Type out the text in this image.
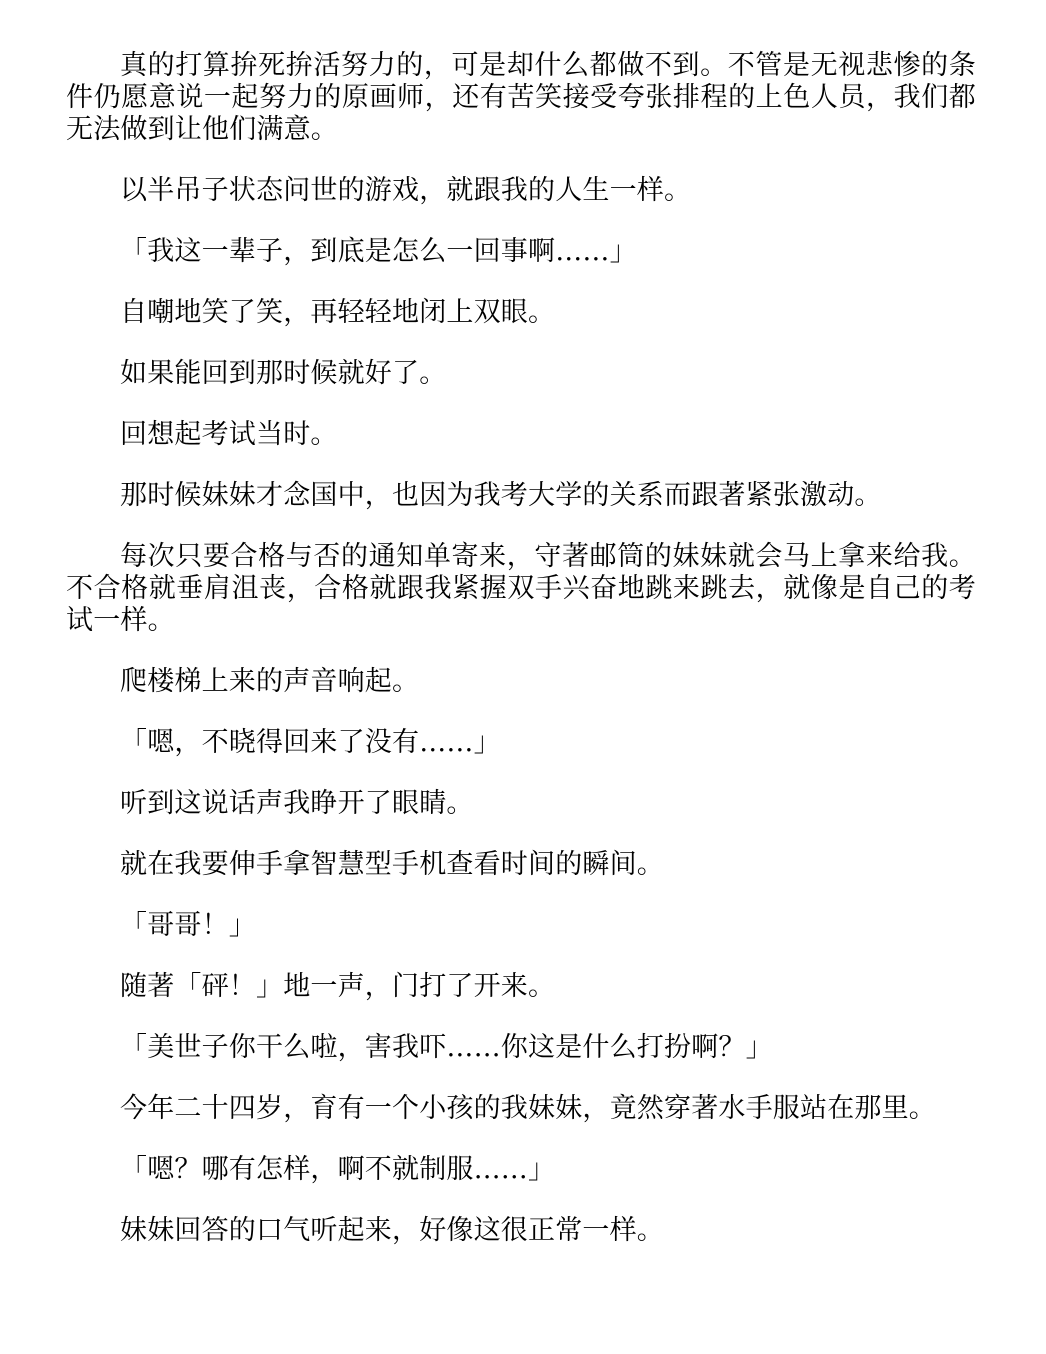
真的打算拚死拚活努力的，可是却什么都做不到。不管是无视悲惨的条件仍愿意说一起努力的原画师，还有苦笑接受夸张排程的上色人员，我们都无法做到让他们满意。

以半吊子状态问世的游戏，就跟我的人生一样。

「我这一辈子，到底是怎么一回事啊……」

自嘲地笑了笑，再轻轻地闭上双眼。

如果能回到那时候就好了。

回想起考试当时。

那时候妹妹才念国中，也因为我考大学的关系而跟著紧张激动。

每次只要合格与否的通知单寄来，守著邮筒的妹妹就会马上拿来给我。不合格就垂肩沮丧，合格就跟我紧握双手兴奋地跳来跳去，就像是自己的考试一样。

爬楼梯上来的声音响起。

「嗯，不晓得回来了没有……」

听到这说话声我睁开了眼睛。

就在我要伸手拿智慧型手机查看时间的瞬间。

「哥哥！」

随著「砰！」地一声，门打了开来。

「美世子你干么啦，害我吓……你这是什么打扮啊？」

今年二十四岁，育有一个小孩的我妹妹，竟然穿著水手服站在那里。

「嗯？哪有怎样，啊不就制服……」

妹妹回答的口气听起来，好像这很正常一样。
